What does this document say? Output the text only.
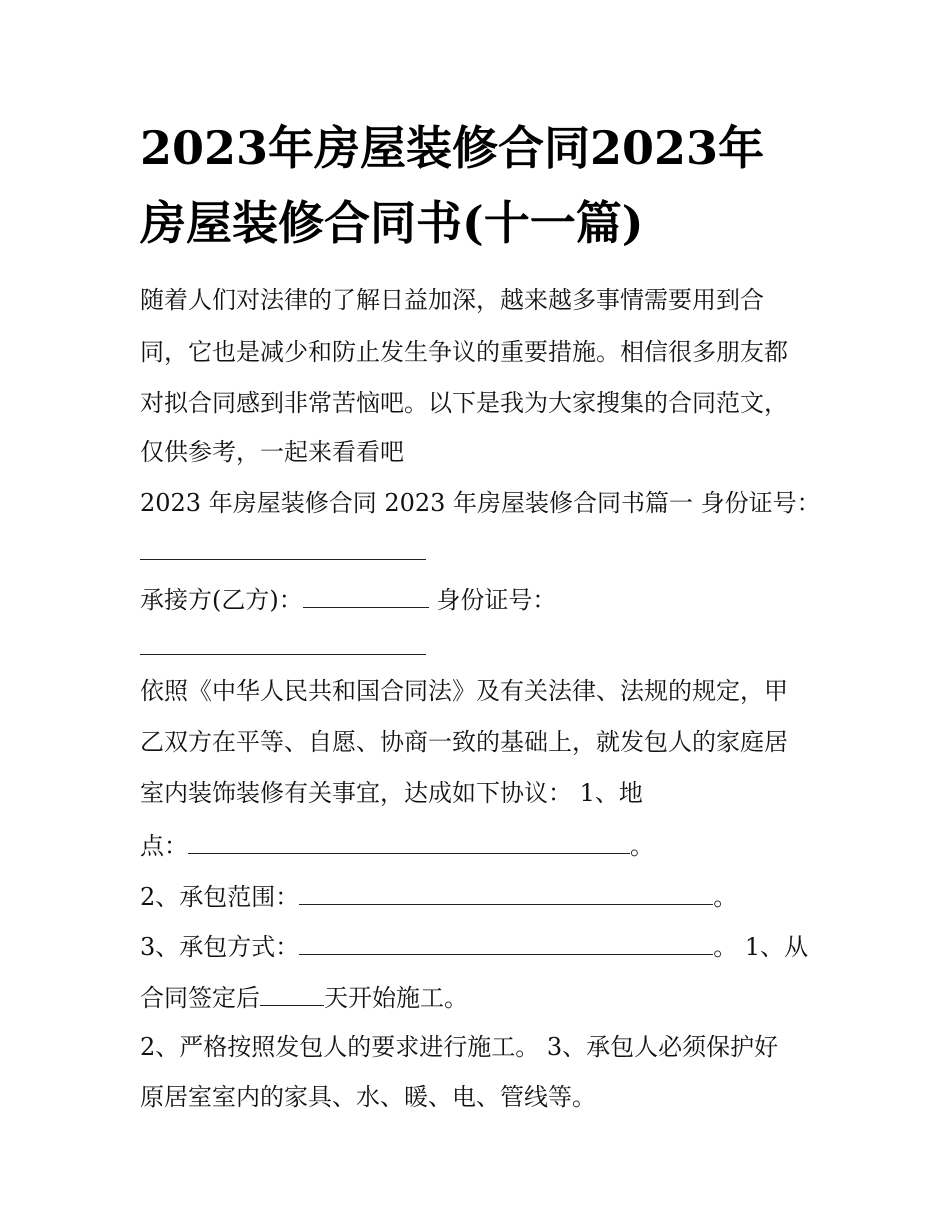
2023年房屋装修合同2023年
房屋装修合同书(十一篇)

随着人们对法律的了解日益加深，越来越多事情需要用到合

同，它也是减少和防止发生争议的重要措施。相信很多朋友都

对拟合同感到非常苦恼吧。以下是我为大家搜集的合同范文，

仅供参考，一起来看看吧

2023 年房屋装修合同 2023 年房屋装修合同书篇一 身份证号：

承接方(乙方)：	身份证号：

依照《中华人民共和国合同法》及有关法律、法规的规定，甲

乙双方在平等、自愿、协商一致的基础上，就发包人的家庭居

室内装饰装修有关事宜，达成如下协议： 1、地

点：	。

2、承包范围：	。

3、承包方式：	。 1、从

合同签定后	天开始施工。

2、严格按照发包人的要求进行施工。 3、承包人必须保护好

原居室室内的家具、水、暖、电、管线等。
